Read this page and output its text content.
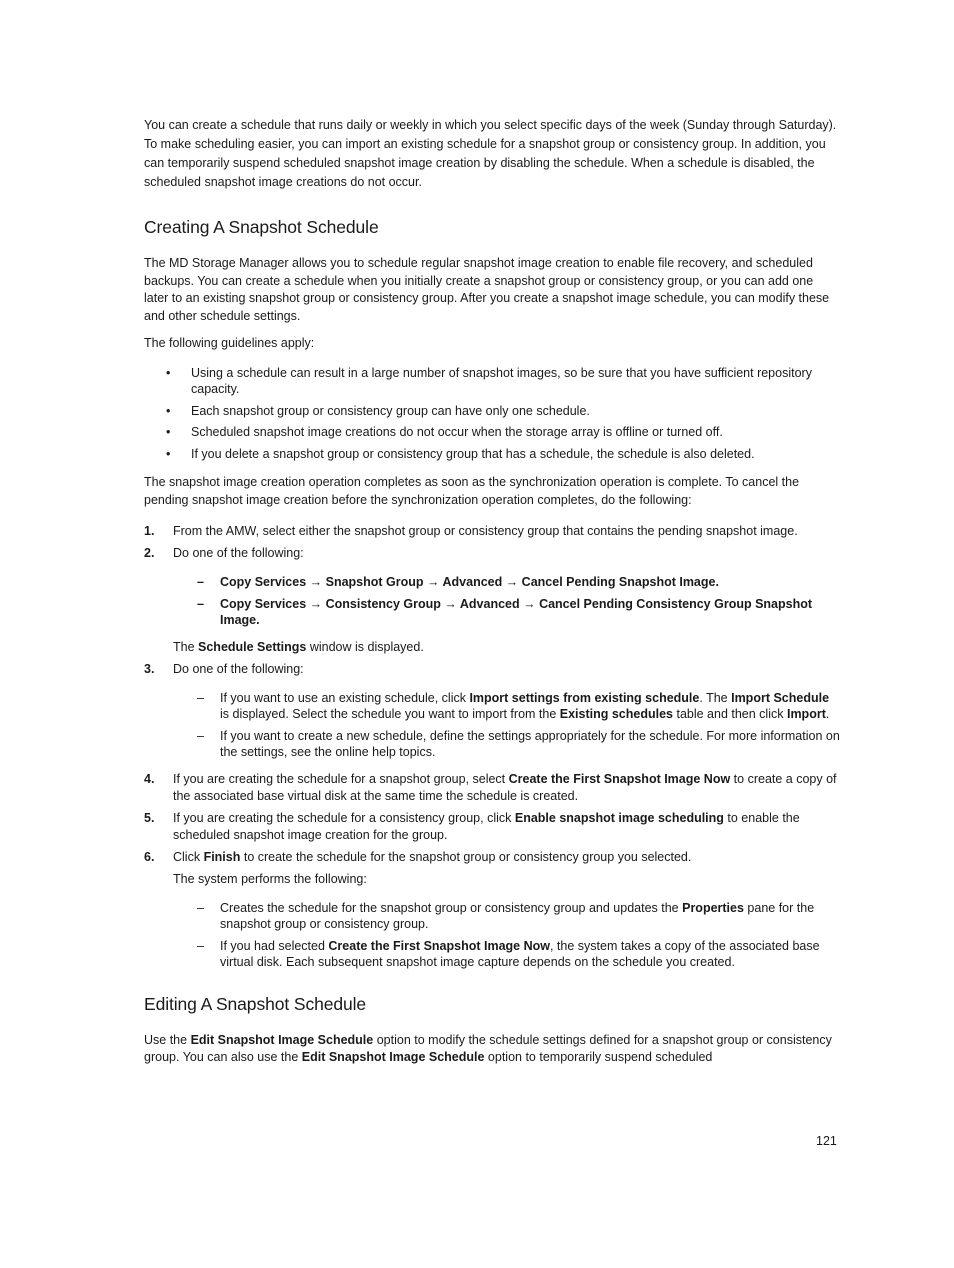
You can create a schedule that runs daily or weekly in which you select specific days of the week (Sunday through Saturday). To make scheduling easier, you can import an existing schedule for a snapshot group or consistency group. In addition, you can temporarily suspend scheduled snapshot image creation by disabling the schedule. When a schedule is disabled, the scheduled snapshot image creations do not occur.

Creating A Snapshot Schedule

The MD Storage Manager allows you to schedule regular snapshot image creation to enable file recovery, and scheduled backups. You can create a schedule when you initially create a snapshot group or consistency group, or you can add one later to an existing snapshot group or consistency group. After you create a snapshot image schedule, you can modify these and other schedule settings.

The following guidelines apply:

• Using a schedule can result in a large number of snapshot images, so be sure that you have sufficient repository capacity.
• Each snapshot group or consistency group can have only one schedule.
• Scheduled snapshot image creations do not occur when the storage array is offline or turned off.
• If you delete a snapshot group or consistency group that has a schedule, the schedule is also deleted.

The snapshot image creation operation completes as soon as the synchronization operation is complete. To cancel the pending snapshot image creation before the synchronization operation completes, do the following:

1. From the AMW, select either the snapshot group or consistency group that contains the pending snapshot image.
2. Do one of the following:
– Copy Services → Snapshot Group → Advanced → Cancel Pending Snapshot Image.
– Copy Services → Consistency Group → Advanced → Cancel Pending Consistency Group Snapshot Image.
The Schedule Settings window is displayed.
3. Do one of the following:
– If you want to use an existing schedule, click Import settings from existing schedule. The Import Schedule is displayed. Select the schedule you want to import from the Existing schedules table and then click Import.
– If you want to create a new schedule, define the settings appropriately for the schedule. For more information on the settings, see the online help topics.
4. If you are creating the schedule for a snapshot group, select Create the First Snapshot Image Now to create a copy of the associated base virtual disk at the same time the schedule is created.
5. If you are creating the schedule for a consistency group, click Enable snapshot image scheduling to enable the scheduled snapshot image creation for the group.
6. Click Finish to create the schedule for the snapshot group or consistency group you selected.
The system performs the following:
– Creates the schedule for the snapshot group or consistency group and updates the Properties pane for the snapshot group or consistency group.
– If you had selected Create the First Snapshot Image Now, the system takes a copy of the associated base virtual disk. Each subsequent snapshot image capture depends on the schedule you created.
Editing A Snapshot Schedule

Use the Edit Snapshot Image Schedule option to modify the schedule settings defined for a snapshot group or consistency group. You can also use the Edit Snapshot Image Schedule option to temporarily suspend scheduled

121
